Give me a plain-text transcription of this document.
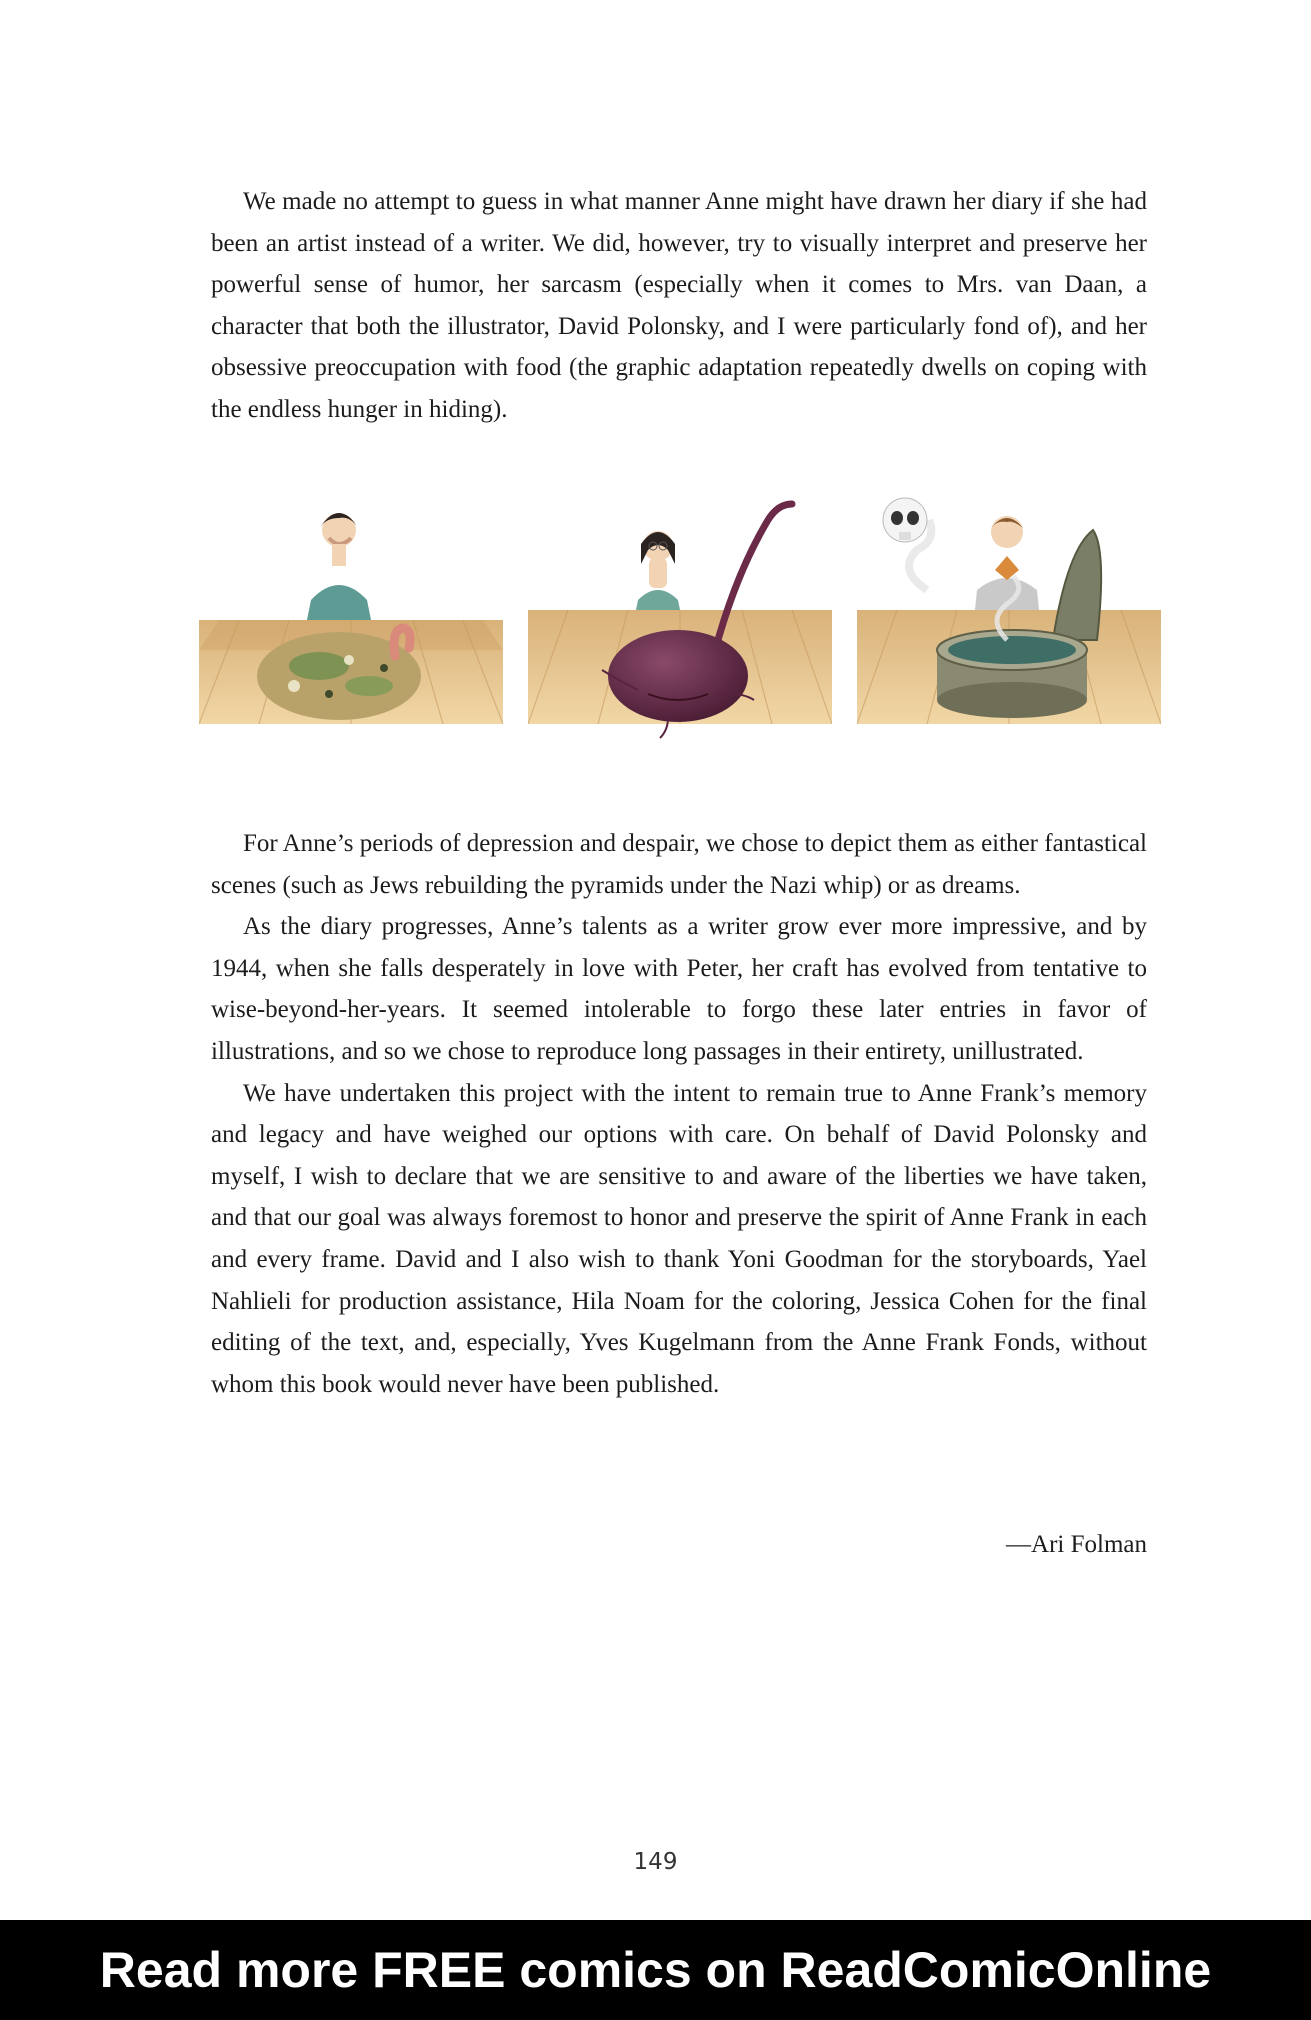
We made no attempt to guess in what manner Anne might have drawn her diary if she had been an artist instead of a writer. We did, however, try to visually interpret and preserve her powerful sense of humor, her sarcasm (especially when it comes to Mrs. van Daan, a character that both the illustrator, David Polonsky, and I were particularly fond of), and her obsessive preoccupation with food (the graphic adaptation repeatedly dwells on coping with the endless hunger in hiding).

For Anne’s periods of depression and despair, we chose to depict them as either fantastical scenes (such as Jews rebuilding the pyramids under the Nazi whip) or as dreams.

As the diary progresses, Anne’s talents as a writer grow ever more impressive, and by 1944, when she falls desperately in love with Peter, her craft has evolved from tentative to wise-beyond-her-years. It seemed intolerable to forgo these later entries in favor of illustrations, and so we chose to reproduce long passages in their entirety, unillustrated.

We have undertaken this project with the intent to remain true to Anne Frank’s memory and legacy and have weighed our options with care. On behalf of David Polonsky and myself, I wish to declare that we are sensitive to and aware of the liberties we have taken, and that our goal was always foremost to honor and preserve the spirit of Anne Frank in each and every frame. David and I also wish to thank Yoni Goodman for the storyboards, Yael Nahlieli for production assistance, Hila Noam for the coloring, Jessica Cohen for the final editing of the text, and, especially, Yves Kugelmann from the Anne Frank Fonds, without whom this book would never have been published.

—Ari Folman
149
Read more FREE comics on ReadComicOnline
